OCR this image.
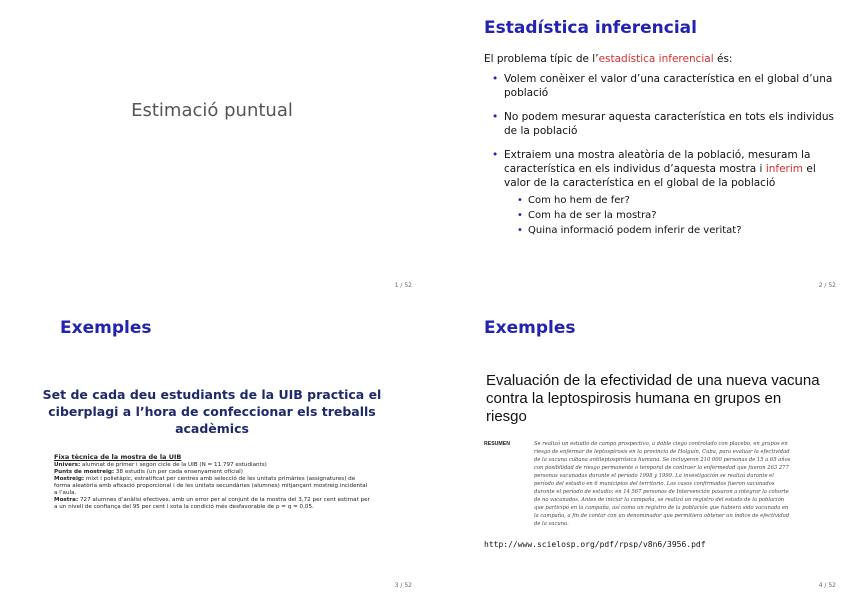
Estimació puntual
1 / 52
Estadística inferencial

El problema típic de l’estadística inferencial és:

• Volem conèixer el valor d’una característica en el global d’una població
• No podem mesurar aquesta característica en tots els individus de la població
• Extraiem una mostra aleatòria de la població, mesuram la característica en els individus d’aquesta mostra i inferim el valor de la característica en el global de la població
• Com ho hem de fer?
• Com ha de ser la mostra?
• Quina informació podem inferir de veritat?
2 / 52
Exemples
Set de cada deu estudiants de la UIB practica el ciberplagi a l’hora de confeccionar els treballs acadèmics
Fixa tècnica de la mostra de la UIB

Univers: alumnat de primer i segon cicle de la UIB (N = 11.797 estudiants)

Punts de mostreig: 38 estudis (un per cada ensenyament oficial)

Mostreig: mixt i polietàpic, estratificat per centres amb selecció de les unitats primàries (assignatures) de forma aleatòria amb afixació proporcional i de les unitats secundàries (alumnes) mitjançant mostreig incidental a l’aula.

Mostra: 727 alumnes d’anàlisi efectives, amb un error per al conjunt de la mostra del 3,72 per cent estimat per a un nivell de confiança del 95 per cent i sota la condició més desfavorable de p = q = 0,05.

3 / 52
Exemples
Evaluación de la efectividad de una nueva vacuna contra la leptospirosis humana en grupos en riesgo
RESUMEN	Se realizó un estudio de campo prospectivo, a doble ciego controlado con placebo, en grupos en riesgo de enfermar de leptospirosis en la provincia de Holguín, Cuba, para evaluar la efectividad de la vacuna cubana antileptospirósica humana. Se incluyeron 210 000 personas de 15 a 65 años con posibilidad de riesgo permanente o temporal de contraer la enfermedad que fueron 263 277 personas vacunadas durante el período 1998 y 1999. La investigación se realizó durante el período del estudio en 6 municipios del territorio. Los casos confirmados fueron vacunados durante el período de estudio; en 14 567 personas de Intervención pasaron a integrar la cohorte de no vacunados. Antes de iniciar la campaña, se realizó un registro del estado de la población que participó en la campaña, así como un registro de la población que hubiera sido vacunada en la campaña, a fin de contar con un denominador que permitiera obtener un índice de efectividad de la vacuna.
http://www.scielosp.org/pdf/rpsp/v8n6/3956.pdf
4 / 52
